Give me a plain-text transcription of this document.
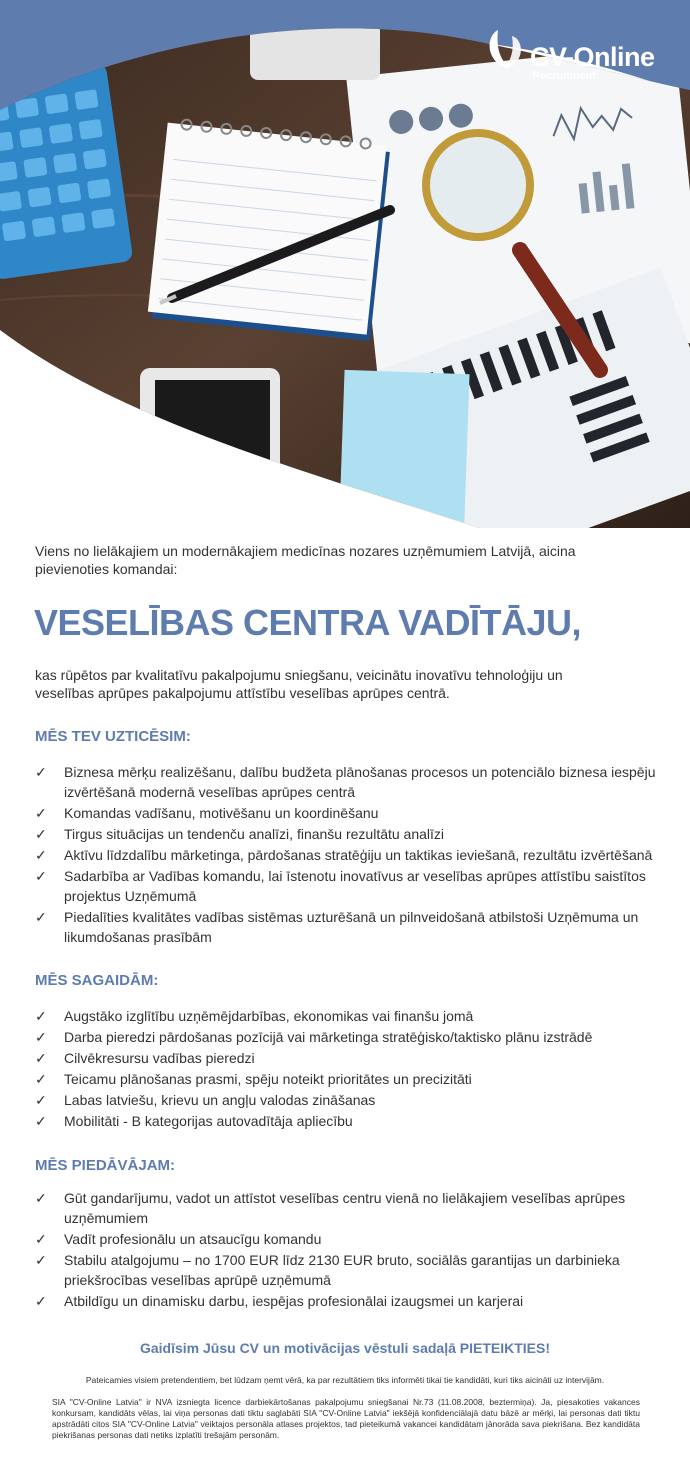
CV-Online
Recruitment
Viens no lielākajiem un modernākajiem medicīnas nozares uzņēmumiem Latvijā, aicina pievienoties komandai:
VESELĪBAS CENTRA VADĪTĀJU,
kas rūpētos par kvalitatīvu pakalpojumu sniegšanu, veicinātu inovatīvu tehnoloģiju un veselības aprūpes pakalpojumu attīstību veselības aprūpes centrā.
MĒS TEV UZTICĒSIM:
✓ Biznesa mērķu realizēšanu, dalību budžeta plānošanas procesos un potenciālo biznesa iespēju izvērtēšanā modernā veselības aprūpes centrā
✓ Komandas vadīšanu, motivēšanu un koordinēšanu
✓ Tirgus situācijas un tendenču analīzi, finanšu rezultātu analīzi
✓ Aktīvu līdzdalību mārketinga, pārdošanas stratēģiju un taktikas ieviešanā, rezultātu izvērtēšanā
✓ Sadarbība ar Vadības komandu, lai īstenotu inovatīvus ar veselības aprūpes attīstību saistītos projektus Uzņēmumā
✓ Piedalīties kvalitātes vadības sistēmas uzturēšanā un pilnveidošanā atbilstoši Uzņēmuma un likumdošanas prasībām
MĒS SAGAIDĀM:
✓ Augstāko izglītību uzņēmējdarbības, ekonomikas vai finanšu jomā
✓ Darba pieredzi pārdošanas pozīcijā vai mārketinga stratēģisko/taktisko plānu izstrādē
✓ Cilvēkresursu vadības pieredzi
✓ Teicamu plānošanas prasmi, spēju noteikt prioritātes un precizitāti
✓ Labas latviešu, krievu un angļu valodas zināšanas
✓ Mobilitāti - B kategorijas autovadītāja apliecību
MĒS PIEDĀVĀJAM:
✓ Gūt gandarījumu, vadot un attīstot veselības centru vienā no lielākajiem veselības aprūpes uzņēmumiem
✓ Vadīt profesionālu un atsaucīgu komandu
✓ Stabilu atalgojumu – no 1700 EUR līdz 2130 EUR bruto, sociālās garantijas un darbinieka priekšrocības veselības aprūpē uzņēmumā
✓ Atbildīgu un dinamisku darbu, iespējas profesionālai izaugsmei un karjerai
Gaidīsim Jūsu CV un motivācijas vēstuli sadaļā PIETEIKTIES!
Pateicamies visiem pretendentiem, bet lūdzam ņemt vērā, ka par rezultātiem tiks informēti tikai tie kandidāti, kuri tiks aicināti uz intervijām.
SIA "CV-Online Latvia" ir NVA izsniegta licence darbiekārtošanas pakalpojumu sniegšanai Nr.73 (11.08.2008, beztermiņa). Ja, piesakoties vakances konkursam, kandidāts vēlas, lai viņa personas dati tiktu saglabāti SIA "CV-Online Latvia" iekšējā konfidenciālajā datu bāzē ar mērķi, lai personas dati tiktu apstrādāti citos SIA "CV-Online Latvia" veiktajos personāla atlases projektos, tad pieteikumā vakancei kandidātam jānorāda sava piekrišana. Bez kandidāta piekrišanas personas dati netiks izplatīti trešajām personām.
